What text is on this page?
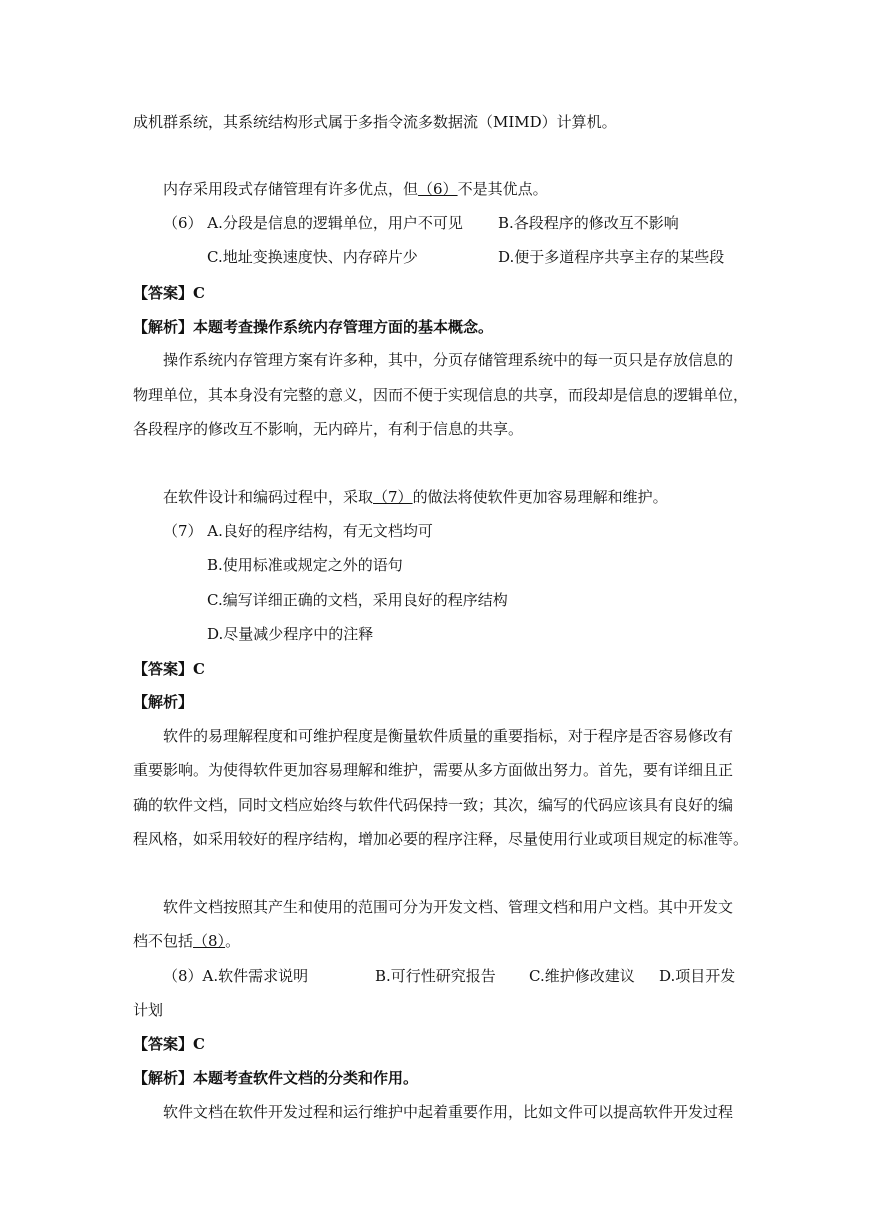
成机群系统，其系统结构形式属于多指令流多数据流（MIMD）计算机。
内存采用段式存储管理有许多优点，但（6）不是其优点。
（6） A.分段是信息的逻辑单位，用户不可见 B.各段程序的修改互不影响
C.地址变换速度快、内存碎片少	D.便于多道程序共享主存的某些段
【答案】C
【解析】本题考查操作系统内存管理方面的基本概念。
操作系统内存管理方案有许多种，其中，分页存储管理系统中的每一页只是存放信息的
物理单位，其本身没有完整的意义，因而不便于实现信息的共享，而段却是信息的逻辑单位，
各段程序的修改互不影响，无内碎片，有利于信息的共享。
在软件设计和编码过程中，采取（7）的做法将使软件更加容易理解和维护。
（7） A.良好的程序结构，有无文档均可
B.使用标准或规定之外的语句
C.编写详细正确的文档，采用良好的程序结构
D.尽量减少程序中的注释
【答案】C
【解析】
软件的易理解程度和可维护程度是衡量软件质量的重要指标，对于程序是否容易修改有
重要影响。为使得软件更加容易理解和维护，需要从多方面做出努力。首先，要有详细且正
确的软件文档，同时文档应始终与软件代码保持一致；其次，编写的代码应该具有良好的编
程风格，如采用较好的程序结构，增加必要的程序注释，尽量使用行业或项目规定的标准等。
软件文档按照其产生和使用的范围可分为开发文档、管理文档和用户文档。其中开发文
档不包括（8）。
（8）A.软件需求说明	B.可行性研究报告 C.维护修改建议 D.项目开发
计划
【答案】C
【解析】本题考查软件文档的分类和作用。
软件文档在软件开发过程和运行维护中起着重要作用，比如文件可以提高软件开发过程
